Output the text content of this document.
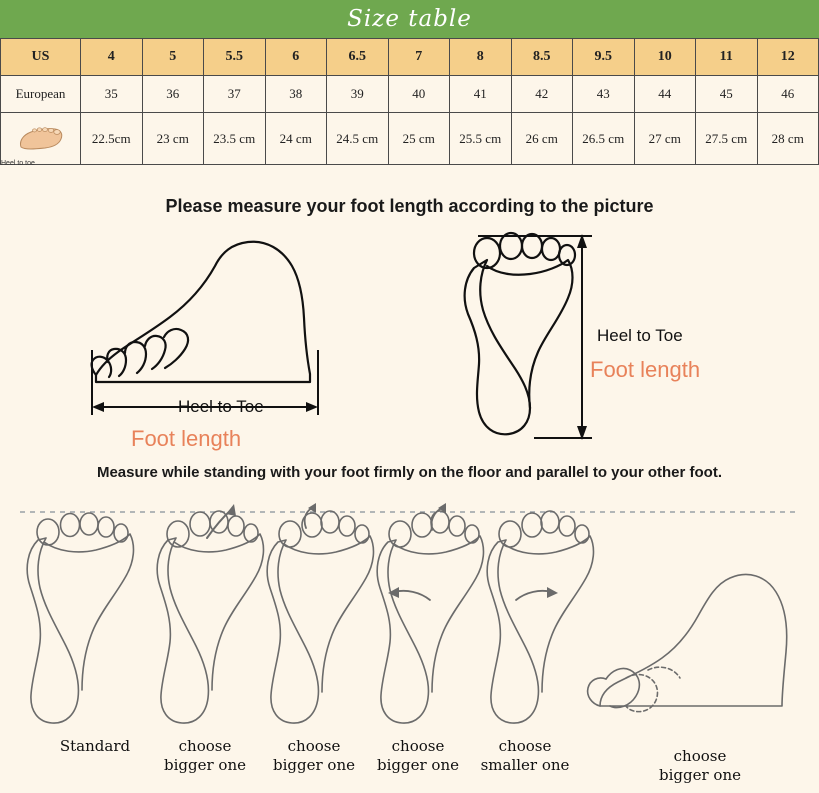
Size table
US	4	5	5.5	6	6.5	7	8	8.5	9.5	10	11	12
European	35	36	37	38	39	40	41	42	43	44	45	46

Heel to toe	22.5cm	23 cm	23.5 cm	24 cm	24.5 cm	25 cm	25.5 cm	26 cm	26.5 cm	27 cm	27.5 cm	28 cm
Please measure your foot length according to the picture
Heel to Toe
Foot length
Heel to Toe
Foot length
Measure while standing with your foot firmly on the floor and parallel to your other foot.
Standard	choose
bigger one
choose
bigger one
choose
bigger one
choose
smaller one	choose
bigger one
